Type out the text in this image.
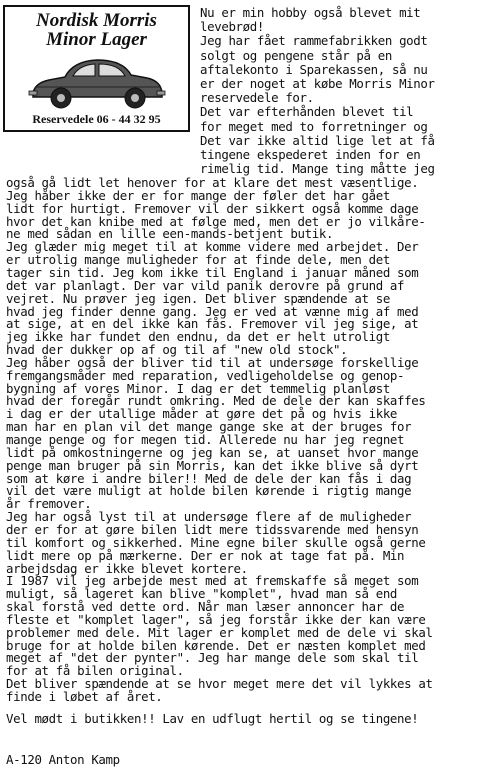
Nordisk Morris
Minor Lager
Reservedele 06 - 44 32 95
Nu er min hobby også blevet mit
levebrød!
Jeg har fået rammefabrikken godt
solgt og pengene står på en
aftalekonto i Sparekassen, så nu
er der noget at købe Morris Minor
reservedele for.
Det var efterhånden blevet til
for meget med to forretninger og
Det var ikke altid lige let at få
tingene ekspederet inden for en
rimelig tid. Mange ting måtte jeg
også gå lidt let henover for at klare det mest væsentlige.
Jeg håber ikke der er for mange der føler det har gået
lidt for hurtigt. Fremover vil der sikkert også komme dage
hvor det kan knibe med at følge med, men det er jo vilkåre-
ne med sådan en lille een-mands-betjent butik.
Jeg glæder mig meget til at komme videre med arbejdet. Der
er utrolig mange muligheder for at finde dele, men det
tager sin tid. Jeg kom ikke til England i januar måned som
det var planlagt. Der var vild panik derovre på grund af
vejret. Nu prøver jeg igen. Det bliver spændende at se
hvad jeg finder denne gang. Jeg er ved at vænne mig af med
at sige, at en del ikke kan fås. Fremover vil jeg sige, at
jeg ikke har fundet den endnu, da det er helt utroligt
hvad der dukker op af og til af "new old stock".
Jeg håber også der bliver tid til at undersøge forskellige
fremgangsmåder med reparation, vedligeholdelse og genop-
bygning af vores Minor. I dag er det temmelig planløst
hvad der foregår rundt omkring. Med de dele der kan skaffes
i dag er der utallige måder at gøre det på og hvis ikke
man har en plan vil det mange gange ske at der bruges for
mange penge og for megen tid. Allerede nu har jeg regnet
lidt på omkostningerne og jeg kan se, at uanset hvor mange
penge man bruger på sin Morris, kan det ikke blive så dyrt
som at køre i andre biler!! Med de dele der kan fås i dag
vil det være muligt at holde bilen kørende i rigtig mange
år fremover.
Jeg har også lyst til at undersøge flere af de muligheder
der er for at gøre bilen lidt mere tidssvarende med hensyn
til komfort og sikkerhed. Mine egne biler skulle også gerne
lidt mere op på mærkerne. Der er nok at tage fat på. Min
arbejdsdag er ikke blevet kortere.
I 1987 vil jeg arbejde mest med at fremskaffe så meget som
muligt, så lageret kan blive "komplet", hvad man så end
skal forstå ved dette ord. Når man læser annoncer har de
fleste et "komplet lager", så jeg forstår ikke der kan være
problemer med dele. Mit lager er komplet med de dele vi skal
bruge for at holde bilen kørende. Det er næsten komplet med
meget af "det der pynter". Jeg har mange dele som skal til
for at få bilen original.
Det bliver spændende at se hvor meget mere det vil lykkes at
finde i løbet af året.
Vel mødt i butikken!! Lav en udflugt hertil og se tingene!
A-120 Anton Kamp
